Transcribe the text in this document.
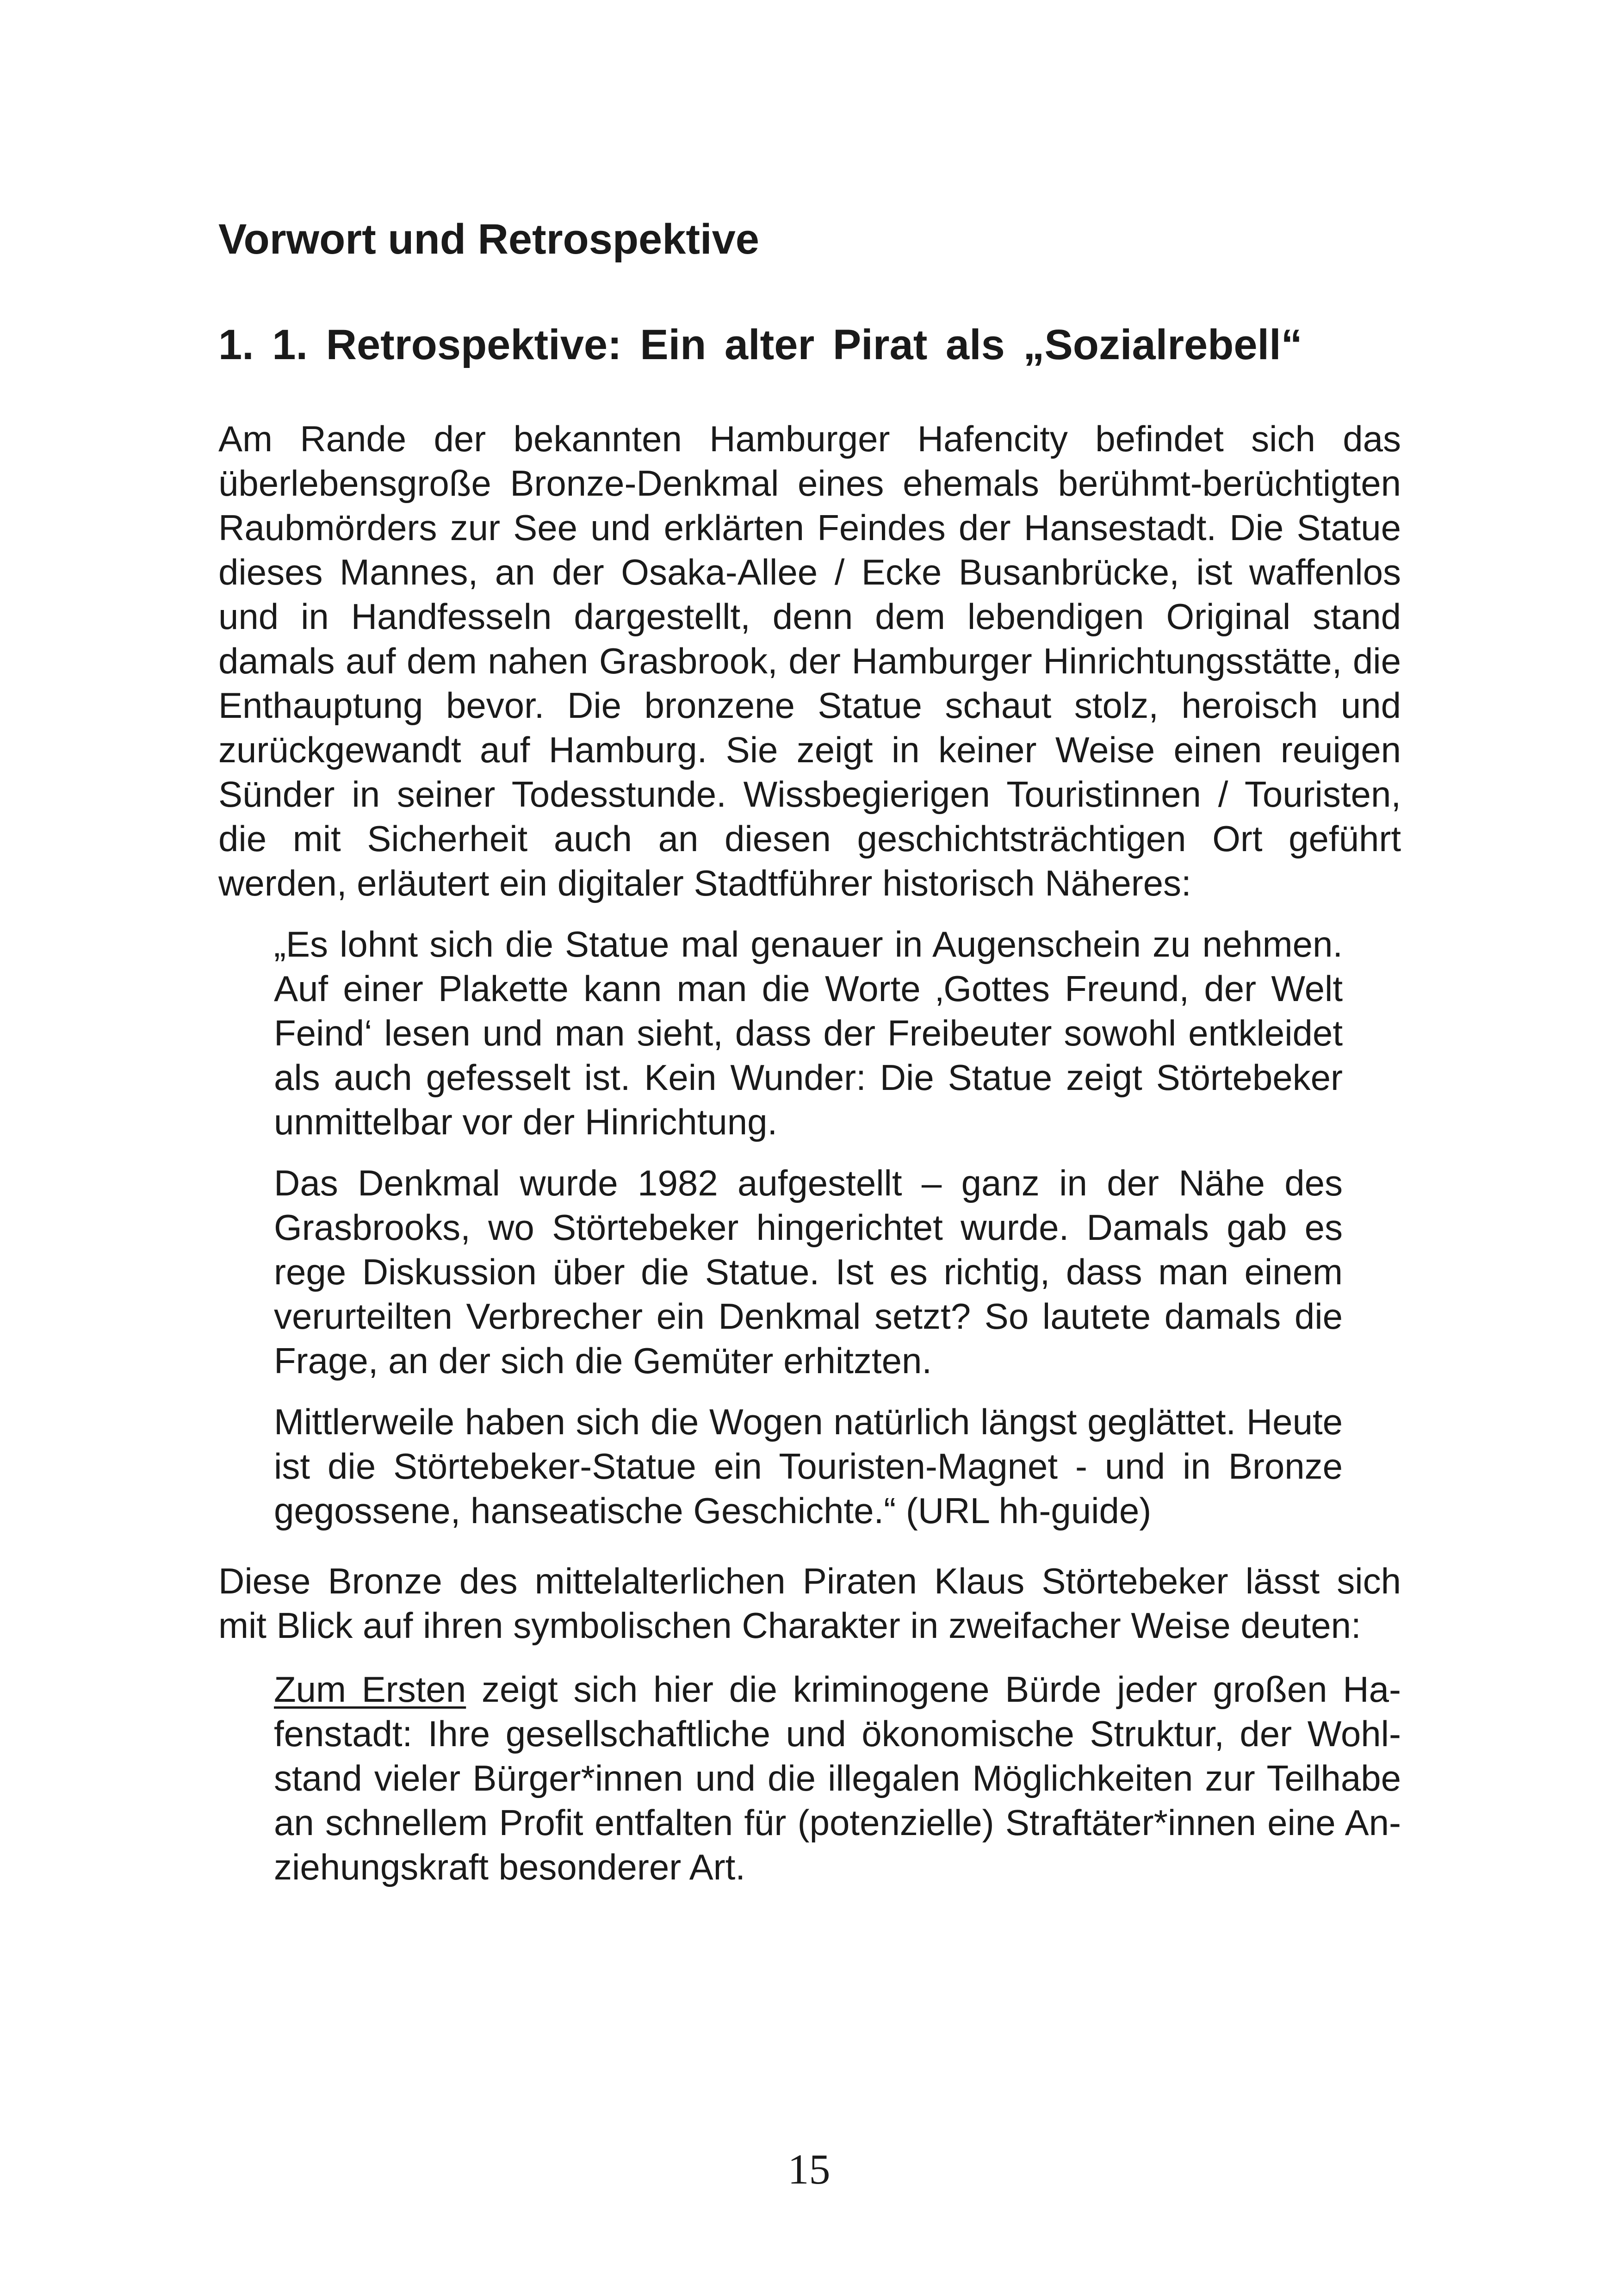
Vorwort und Retrospektive
1. 1. Retrospektive: Ein alter Pirat als „Sozialrebell“

Am Rande der bekannten Hamburger Hafencity befindet sich das überlebensgroße Bronze-Denkmal eines ehemals berühmt-berüchtigten Raubmörders zur See und erklärten Feindes der Hansestadt. Die Statue dieses Mannes, an der Osaka-Allee / Ecke Busanbrücke, ist waffenlos und in Handfesseln dargestellt, denn dem lebendigen Original stand damals auf dem nahen Grasbrook, der Hamburger Hinrichtungsstätte, die Enthauptung bevor. Die bronzene Statue schaut stolz, heroisch und zurückgewandt auf Hamburg. Sie zeigt in keiner Weise einen reuigen Sünder in seiner Todesstunde. Wissbegierigen Touristinnen / Touristen, die mit Sicherheit auch an diesen geschichtsträchtigen Ort geführt werden, erläutert ein digitaler Stadtführer historisch Näheres:

„Es lohnt sich die Statue mal genauer in Augenschein zu nehmen. Auf einer Plakette kann man die Worte ‚Gottes Freund, der Welt Feind‘ lesen und man sieht, dass der Freibeuter sowohl entkleidet als auch gefesselt ist. Kein Wunder: Die Statue zeigt Störtebeker unmittelbar vor der Hinrichtung.

Das Denkmal wurde 1982 aufgestellt – ganz in der Nähe des Grasbrooks, wo Störtebeker hingerichtet wurde. Damals gab es rege Diskussion über die Statue. Ist es richtig, dass man einem verurteilten Verbrecher ein Denkmal setzt? So lautete damals die Frage, an der sich die Gemüter erhitzten.

Mittlerweile haben sich die Wogen natürlich längst geglättet. Heute ist die Störtebeker-Statue ein Touristen-Magnet - und in Bronze gegossene, hanseatische Geschichte.“ (URL hh-guide)

Diese Bronze des mittelalterlichen Piraten Klaus Störtebeker lässt sich mit Blick auf ihren symbolischen Charakter in zweifacher Weise deuten:

Zum Ersten zeigt sich hier die kriminogene Bürde jeder großen Hafenstadt: Ihre gesellschaftliche und ökonomische Struktur, der Wohlstand vieler Bürger*innen und die illegalen Möglichkeiten zur Teilhabe an schnellem Profit entfalten für (potenzielle) Straftäter*innen eine Anziehungskraft besonderer Art.

15
